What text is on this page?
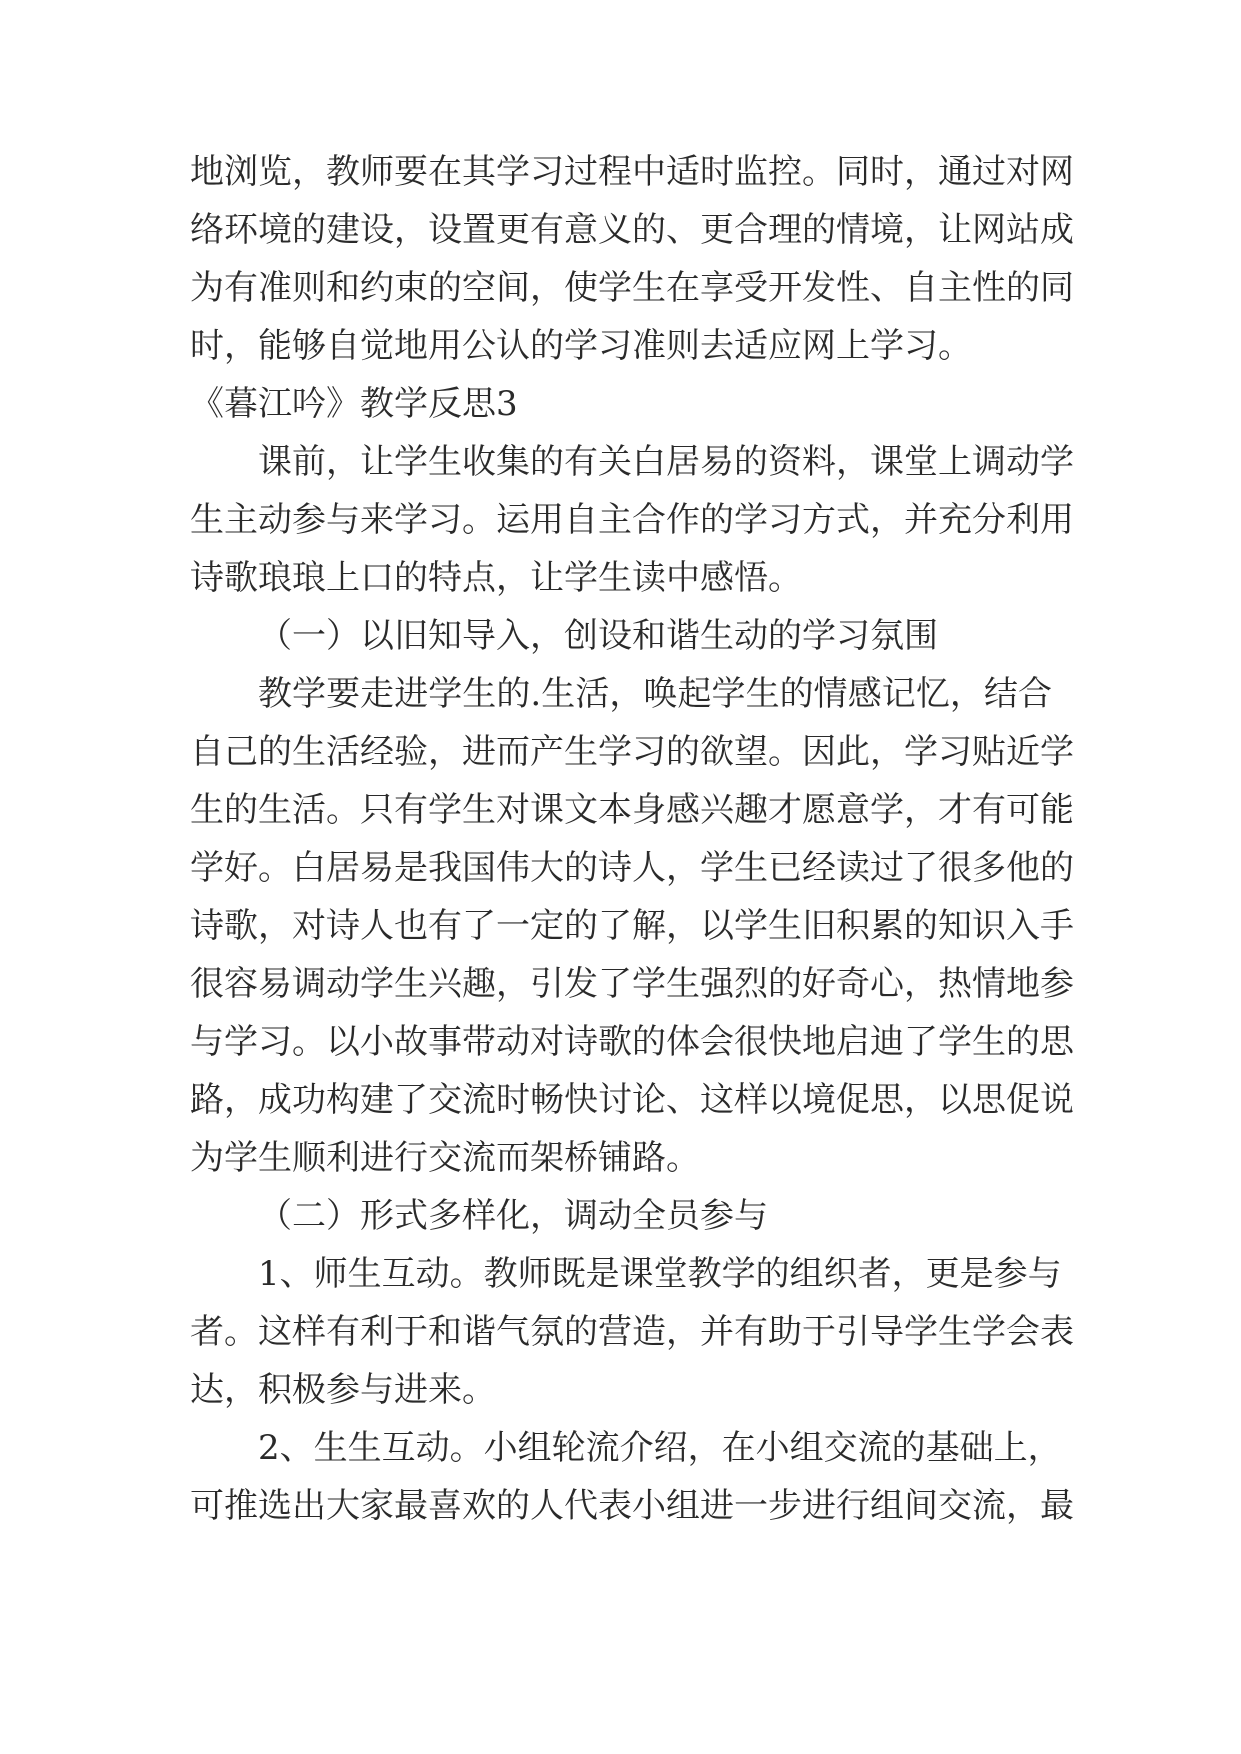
地浏览，教师要在其学习过程中适时监控。同时，通过对网
络环境的建设，设置更有意义的、更合理的情境，让网站成
为有准则和约束的空间，使学生在享受开发性、自主性的同
时，能够自觉地用公认的学习准则去适应网上学习。
《暮江吟》教学反思3
课前，让学生收集的有关白居易的资料，课堂上调动学
生主动参与来学习。运用自主合作的学习方式，并充分利用
诗歌琅琅上口的特点，让学生读中感悟。
（一）以旧知导入，创设和谐生动的学习氛围
教学要走进学生的.生活，唤起学生的情感记忆，结合
自己的生活经验，进而产生学习的欲望。因此，学习贴近学
生的生活。只有学生对课文本身感兴趣才愿意学，才有可能
学好。白居易是我国伟大的诗人，学生已经读过了很多他的
诗歌，对诗人也有了一定的了解，以学生旧积累的知识入手
很容易调动学生兴趣，引发了学生强烈的好奇心，热情地参
与学习。以小故事带动对诗歌的体会很快地启迪了学生的思
路，成功构建了交流时畅快讨论、这样以境促思，以思促说
为学生顺利进行交流而架桥铺路。
（二）形式多样化，调动全员参与
1、师生互动。教师既是课堂教学的组织者，更是参与
者。这样有利于和谐气氛的营造，并有助于引导学生学会表
达，积极参与进来。
2、生生互动。小组轮流介绍，在小组交流的基础上，
可推选出大家最喜欢的人代表小组进一步进行组间交流，最
